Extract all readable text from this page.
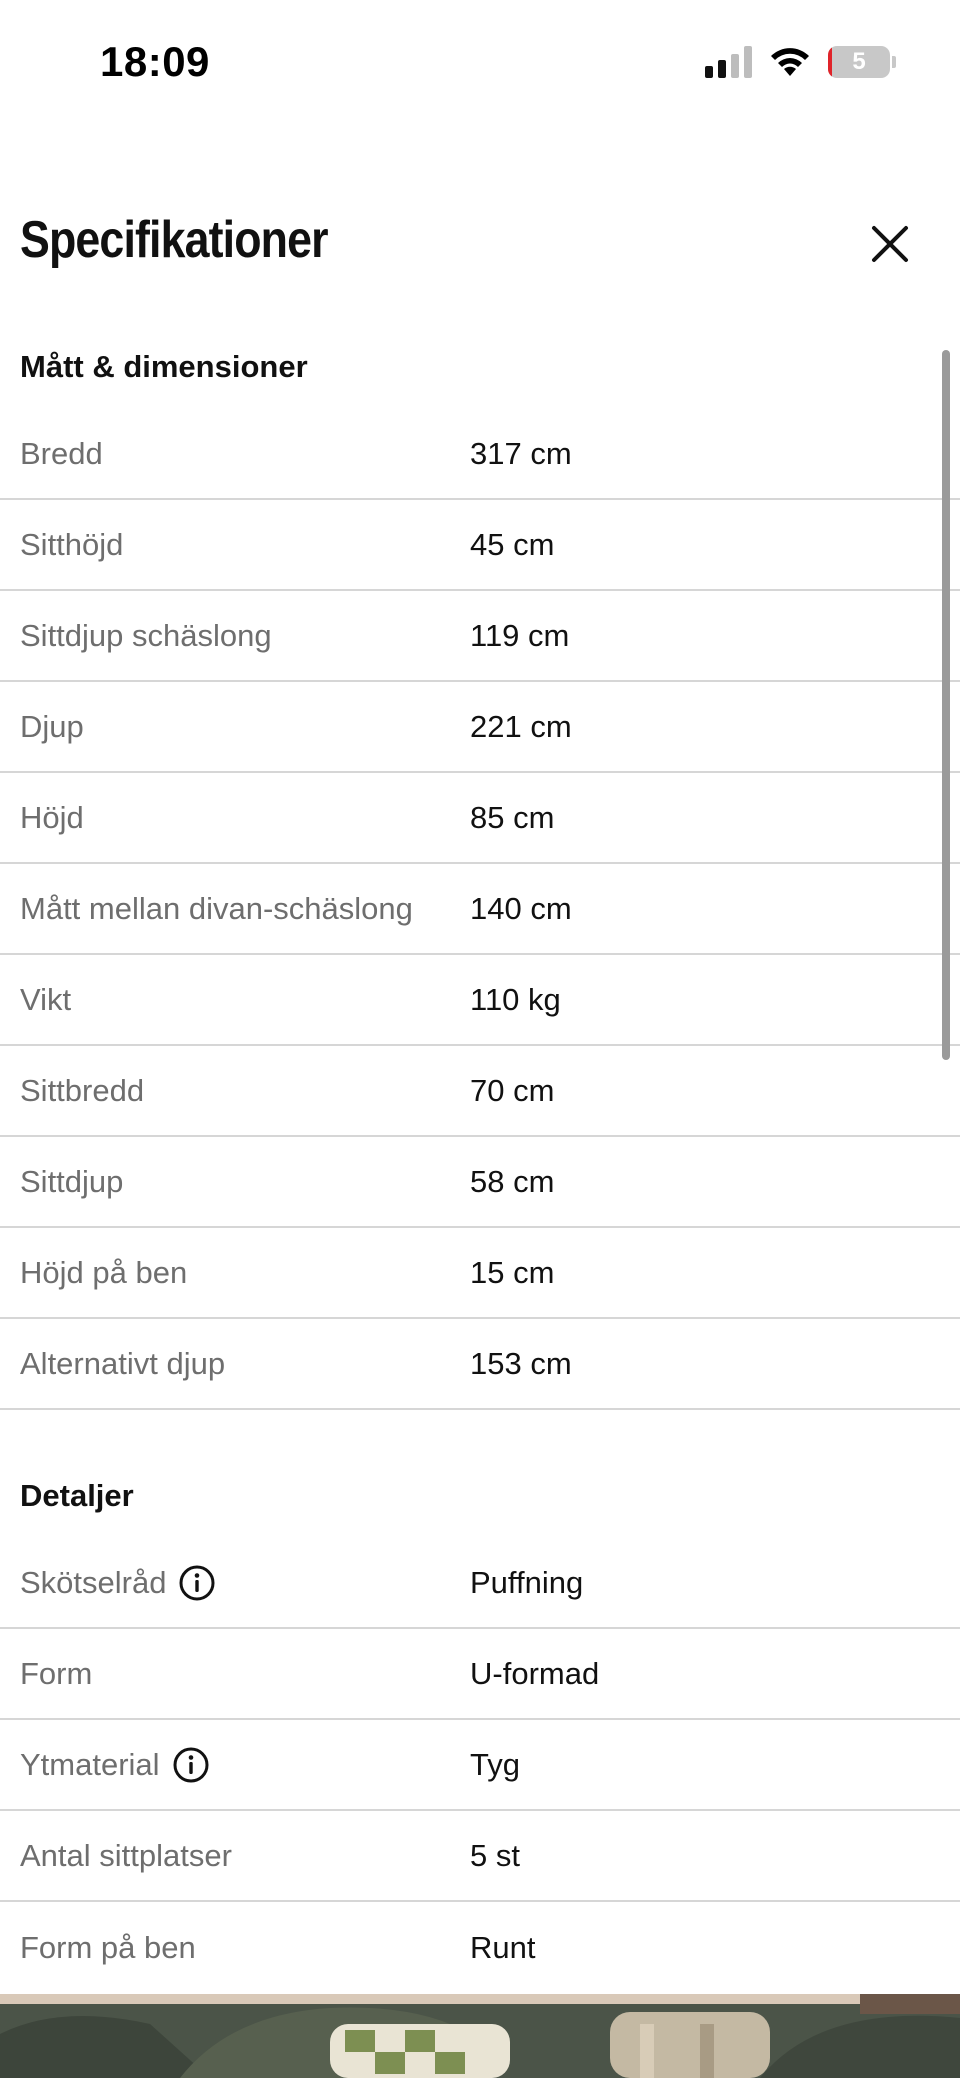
18:09	5
Specifikationer
Mått & dimensioner
Bredd	317 cm
Sitthöjd	45 cm
Sittdjup schäslong	119 cm
Djup	221 cm
Höjd	85 cm
Mått mellan divan-schäslong 140 cm
Vikt	110 kg
Sittbredd	70 cm
Sittdjup	58 cm
Höjd på ben	15 cm
Alternativt djup	153 cm
Detaljer
Skötselråd	Puffning
Form	U-formad
Ytmaterial	Tyg
Antal sittplatser	5 st
Form på ben	Runt
